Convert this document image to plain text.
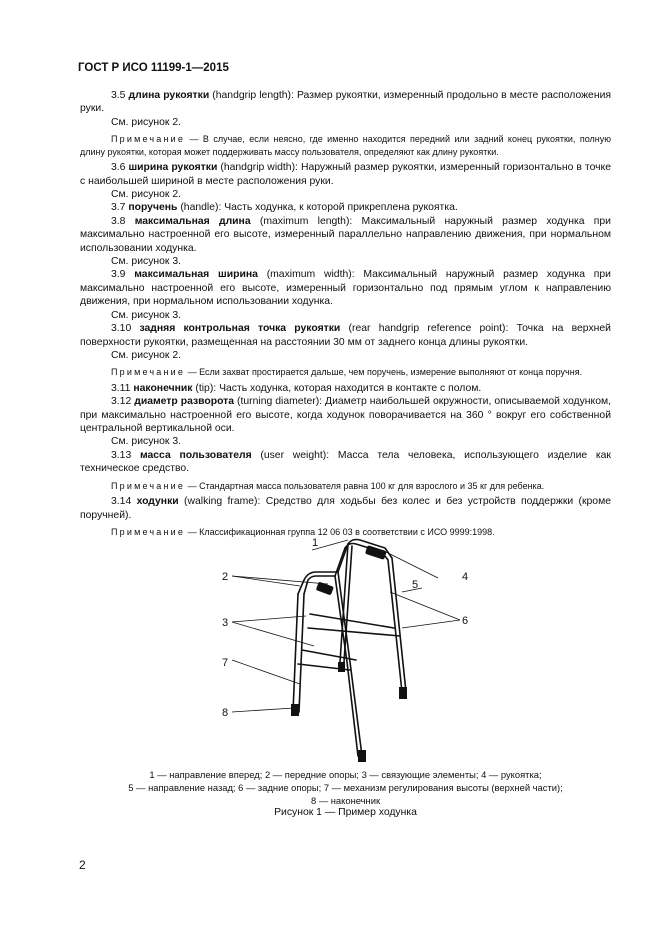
ГОСТ Р ИСО 11199-1—2015

3.5 длина рукоятки (handgrip length): Размер рукоятки, измеренный продольно в месте расположения руки.

См. рисунок 2.

Примечание — В случае, если неясно, где именно находится передний или задний конец рукоятки, полную длину рукоятки, которая может поддерживать массу пользователя, определяют как длину рукоятки.

3.6 ширина рукоятки (handgrip width): Наружный размер рукоятки, измеренный горизонтально в точке с наибольшей шириной в месте расположения руки.

См. рисунок 2.

3.7 поручень (handle): Часть ходунка, к которой прикреплена рукоятка.

3.8 максимальная длина (maximum length): Максимальный наружный размер ходунка при максимально настроенной его высоте, измеренный параллельно направлению движения, при нормальном использовании ходунка.

См. рисунок 3.

3.9 максимальная ширина (maximum width): Максимальный наружный размер ходунка при максимально настроенной его высоте, измеренный горизонтально под прямым углом к направлению движения, при нормальном использовании ходунка.

См. рисунок 3.

3.10 задняя контрольная точка рукоятки (rear handgrip reference point): Точка на верхней поверхности рукоятки, размещенная на расстоянии 30 мм от заднего конца длины рукоятки.

См. рисунок 2.

Примечание — Если захват простирается дальше, чем поручень, измерение выполняют от конца поручня.

3.11 наконечник (tip): Часть ходунка, которая находится в контакте с полом.

3.12 диаметр разворота (turning diameter): Диаметр наибольшей окружности, описываемой ходунком, при максимально настроенной его высоте, когда ходунок поворачивается на 360 ° вокруг его собственной центральной вертикальной оси.

См. рисунок 3.

3.13 масса пользователя (user weight): Масса тела человека, использующего изделие как техническое средство.

Примечание — Стандартная масса пользователя равна 100 кг для взрослого и 35 кг для ребенка.

3.14 ходунки (walking frame): Средство для ходьбы без колес и без устройств поддержки (кроме поручней).

Примечание — Классификационная группа 12 06 03 в соответствии с ИСО 9999:1998.

1
2
3
4
5
6
7
8
1 — направление вперед; 2 — передние опоры; 3 — связующие элементы; 4 — рукоятка;
5 — направление назад; 6 — задние опоры; 7 — механизм регулирования высоты (верхней части);
8 — наконечник
Рисунок 1 — Пример ходунка
2
